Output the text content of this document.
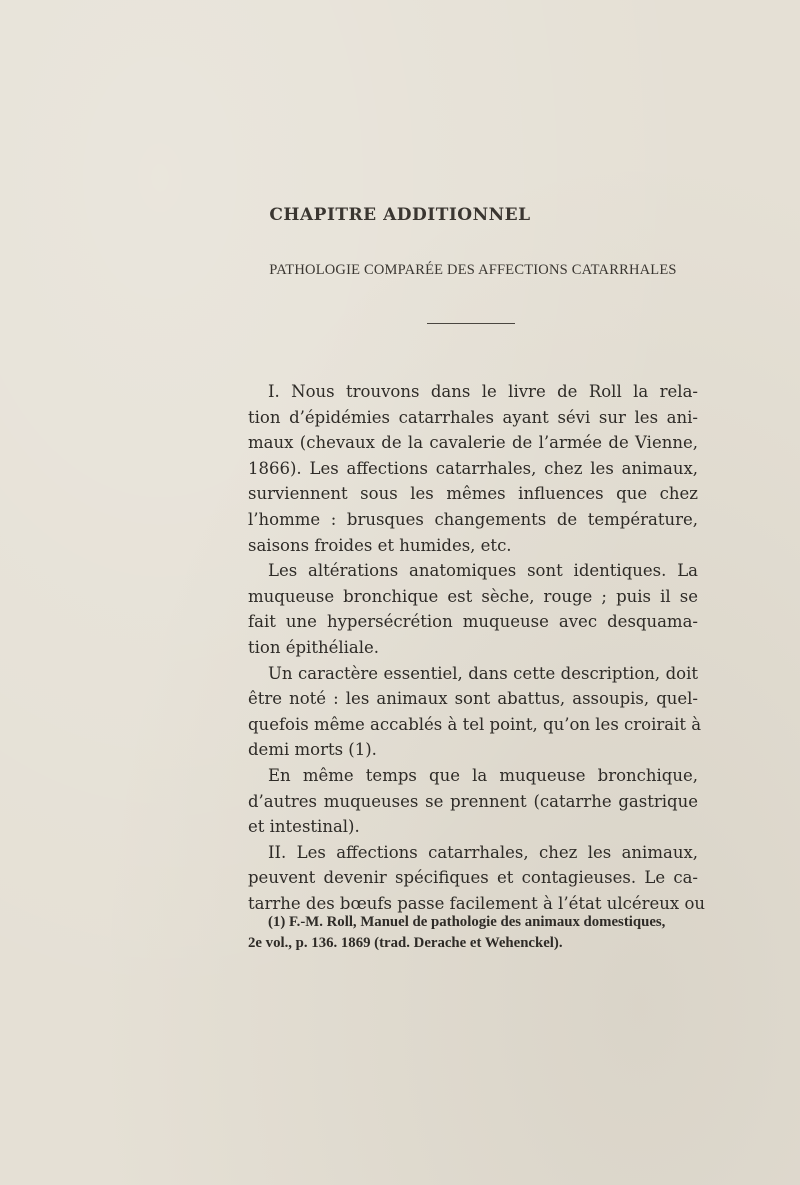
CHAPITRE ADDITIONNEL
PATHOLOGIE COMPARÉE DES AFFECTIONS CATARRHALES
I. Nous trouvons dans le livre de Roll la rela-
tion d’épidémies catarrhales ayant sévi sur les ani-
maux (chevaux de la cavalerie de l’armée de Vienne,
1866). Les affections catarrhales, chez les animaux,
surviennent sous les mêmes influences que chez
l’homme : brusques changements de température,
saisons froides et humides, etc.
Les altérations anatomiques sont identiques. La
muqueuse bronchique est sèche, rouge ; puis il se
fait une hypersécrétion muqueuse avec desquama-
tion épithéliale.
Un caractère essentiel, dans cette description, doit
être noté : les animaux sont abattus, assoupis, quel-
quefois même accablés à tel point, qu’on les croirait à
demi morts (1).
En même temps que la muqueuse bronchique,
d’autres muqueuses se prennent (catarrhe gastrique
et intestinal).
II. Les affections catarrhales, chez les animaux,
peuvent devenir spécifiques et contagieuses. Le ca-
tarrhe des bœufs passe facilement à l’état ulcéreux ou
(1) F.-M. Roll, Manuel de pathologie des animaux domestiques,
2e vol., p. 136. 1869 (trad. Derache et Wehenckel).
